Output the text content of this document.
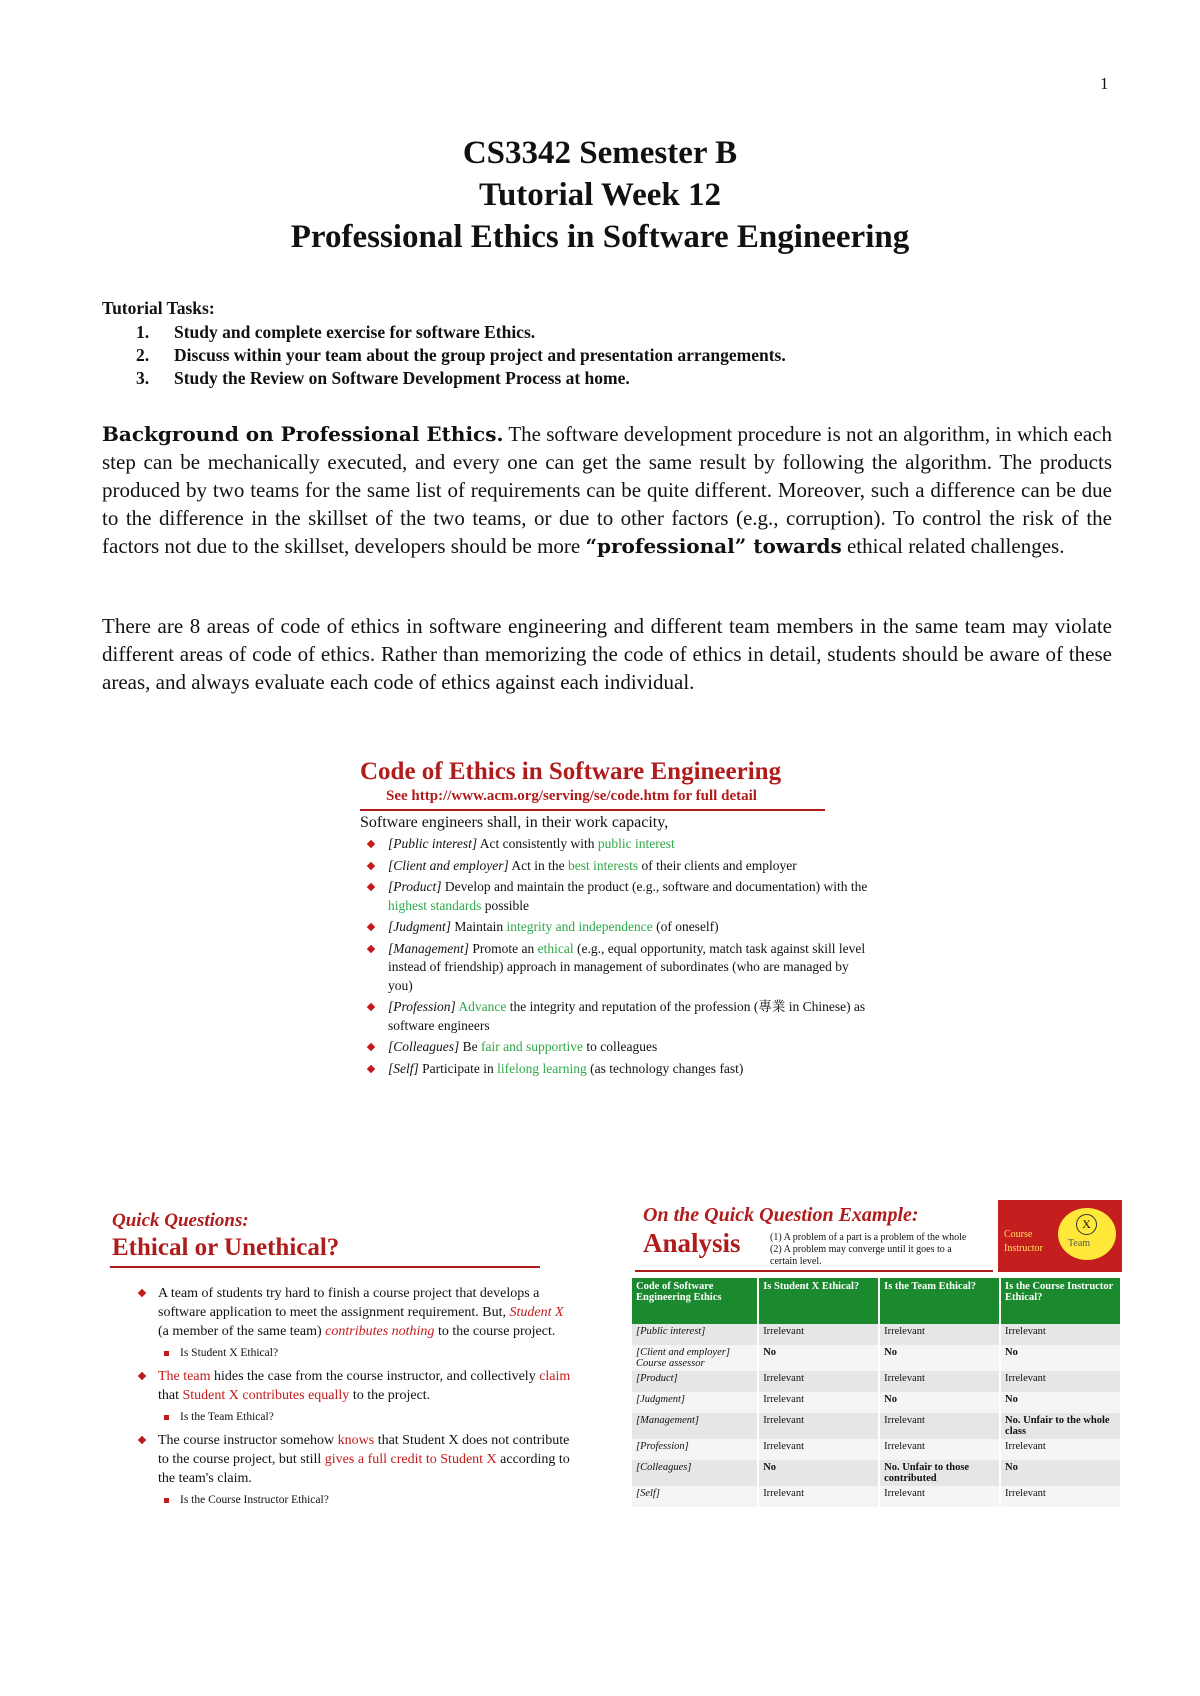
1
CS3342 Semester B
Tutorial Week 12
Professional Ethics in Software Engineering
Tutorial Tasks:
1.	Study and complete exercise for software Ethics.
2.	Discuss within your team about the group project and presentation arrangements.
3.	Study the Review on Software Development Process at home.
Background on Professional Ethics. The software development procedure is not an algorithm, in which each step can be mechanically executed, and every one can get the same result by following the algorithm. The products produced by two teams for the same list of requirements can be quite different. Moreover, such a difference can be due to the difference in the skillset of the two teams, or due to other factors (e.g., corruption). To control the risk of the factors not due to the skillset, developers should be more “professional” towards ethical related challenges.
There are 8 areas of code of ethics in software engineering and different team members in the same team may violate different areas of code of ethics. Rather than memorizing the code of ethics in detail, students should be aware of these areas, and always evaluate each code of ethics against each individual.
Code of Ethics in Software Engineering
See http://www.acm.org/serving/se/code.htm for full detail
Software engineers shall, in their work capacity,
[Public interest] Act consistently with public interest
[Client and employer] Act in the best interests of their clients and employer
[Product] Develop and maintain the product (e.g., software and documentation) with the highest standards possible
[Judgment] Maintain integrity and independence (of oneself)
[Management] Promote an ethical (e.g., equal opportunity, match task against skill level instead of friendship) approach in management of subordinates (who are managed by you)
[Profession] Advance the integrity and reputation of the profession (專業 in Chinese) as software engineers
[Colleagues] Be fair and supportive to colleagues
[Self] Participate in lifelong learning (as technology changes fast)
Quick Questions:
Ethical or Unethical?
A team of students try hard to finish a course project that develops a software application to meet the assignment requirement. But, Student X (a member of the same team) contributes nothing to the course project.
Is Student X Ethical?
The team hides the case from the course instructor, and collectively claim that Student X contributes equally to the project.
Is the Team Ethical?
The course instructor somehow knows that Student X does not contribute to the course project, but still gives a full credit to Student X according to the team's claim.
Is the Course Instructor Ethical?
On the Quick Question Example:
Analysis	(1) A problem of a part is a problem of the whole (2) A problem may converge until it goes to a certain level.
Course
Instructor
X
Team
Code of Software Engineering Ethics	Is Student X Ethical?	Is the Team Ethical?	Is the Course Instructor Ethical?
[Public interest]	Irrelevant	Irrelevant	Irrelevant
[Client and employer] Course assessor	No	No	No
[Product]	Irrelevant	Irrelevant	Irrelevant
[Judgment]	Irrelevant	No	No
[Management]	Irrelevant	Irrelevant	No. Unfair to the whole class
[Profession]	Irrelevant	Irrelevant	Irrelevant
[Colleagues]	No	No. Unfair to those contributed	No
[Self]	Irrelevant	Irrelevant	Irrelevant
